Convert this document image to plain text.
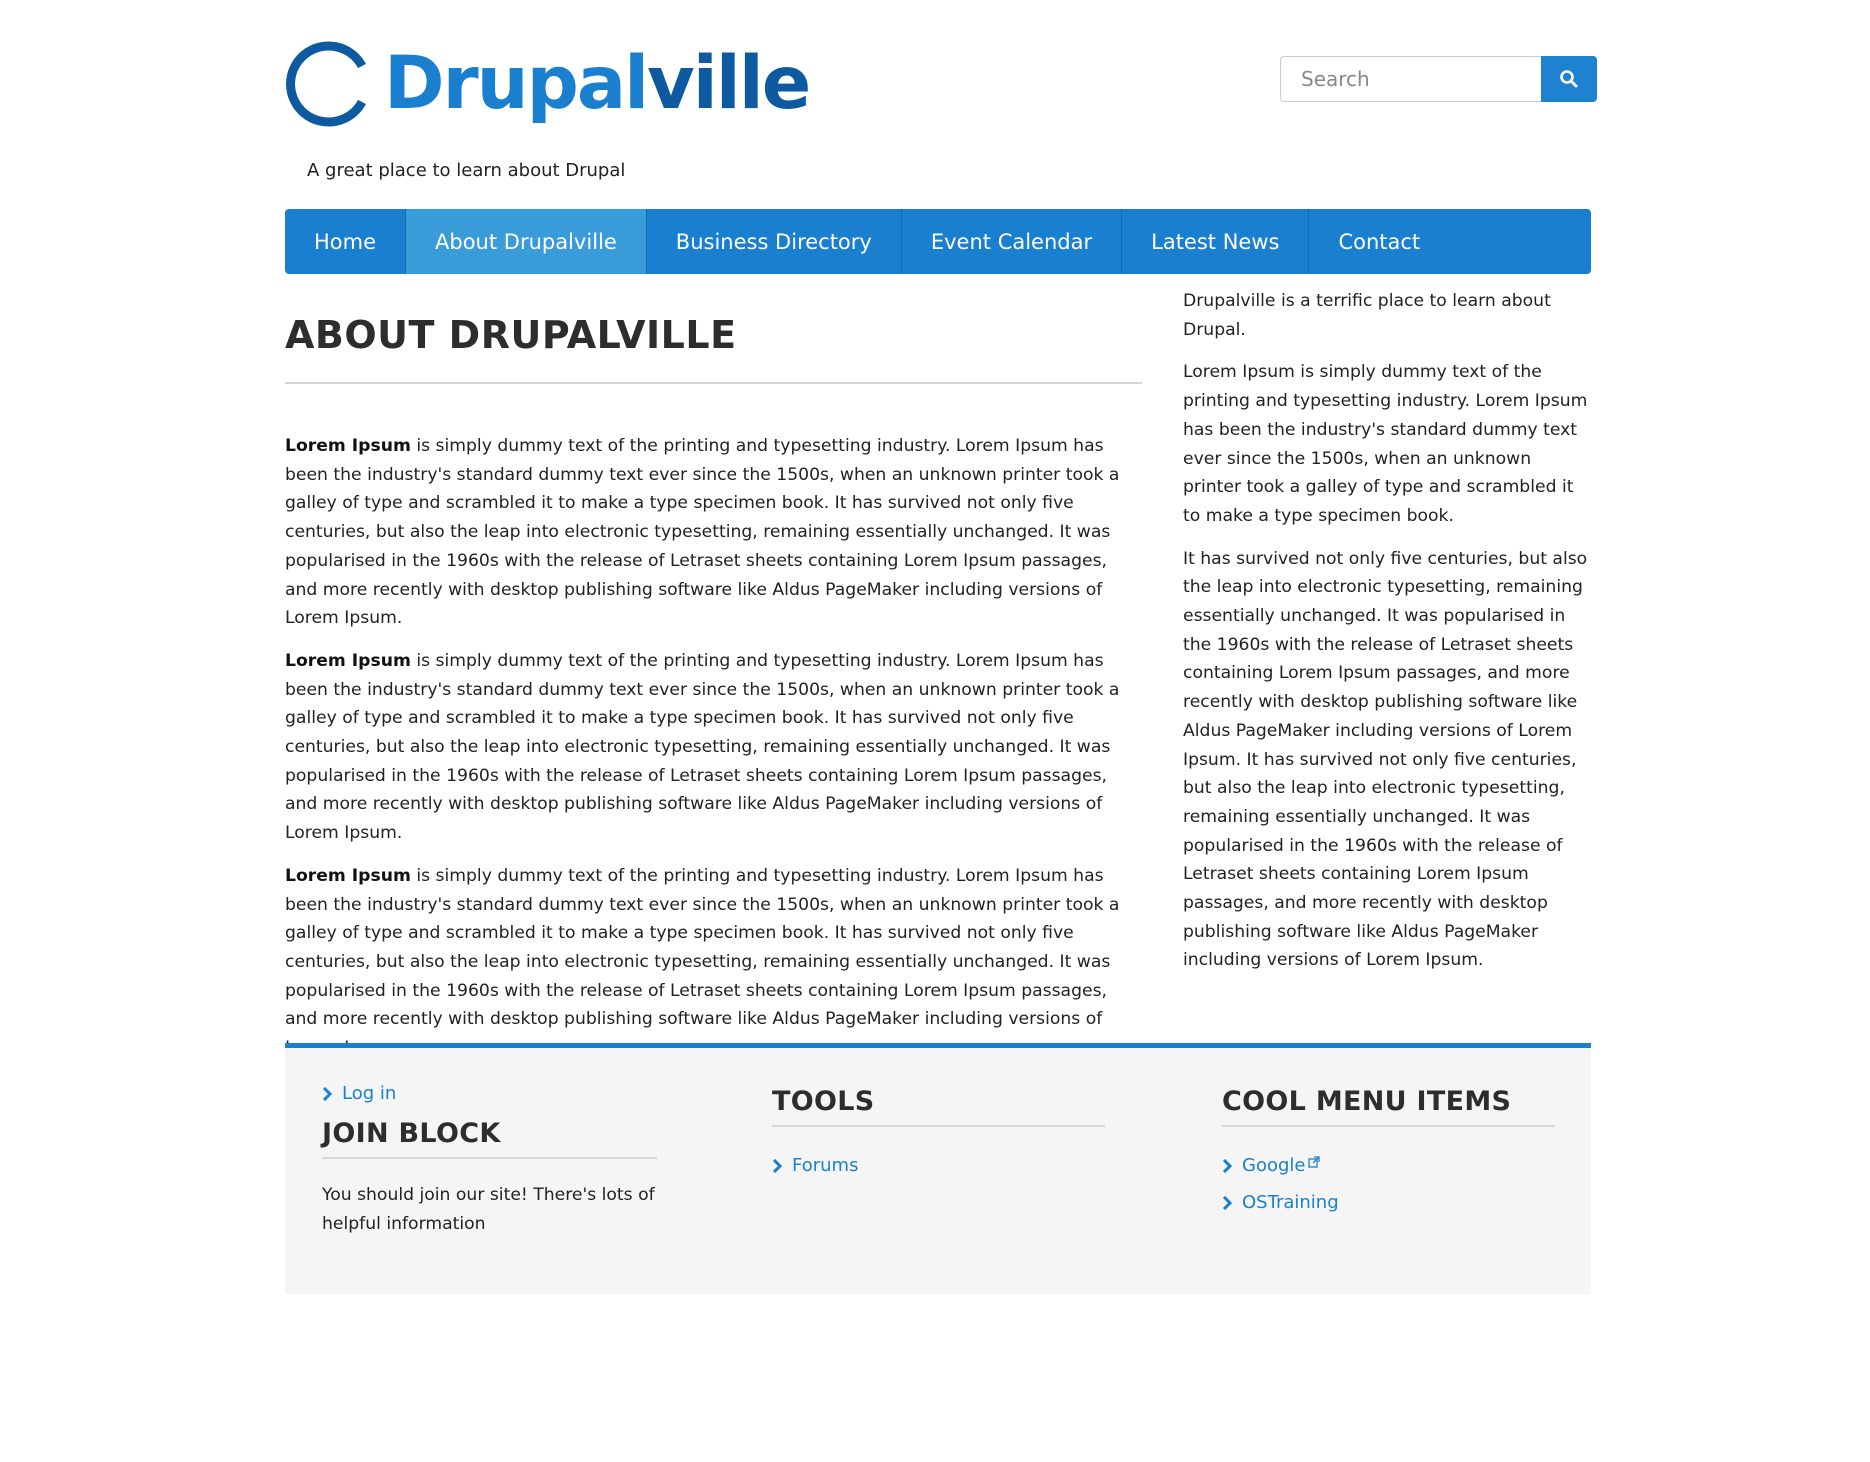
Drupalville
A great place to learn about Drupal
Search
Home	About Drupalville	Business Directory	Event Calendar	Latest News	Contact
ABOUT DRUPALVILLE

Lorem Ipsum is simply dummy text of the printing and typesetting industry. Lorem Ipsum has been the industry's standard dummy text ever since the 1500s, when an unknown printer took a galley of type and scrambled it to make a type specimen book. It has survived not only five centuries, but also the leap into electronic typesetting, remaining essentially unchanged. It was popularised in the 1960s with the release of Letraset sheets containing Lorem Ipsum passages, and more recently with desktop publishing software like Aldus PageMaker including versions of Lorem Ipsum.

Lorem Ipsum is simply dummy text of the printing and typesetting industry. Lorem Ipsum has been the industry's standard dummy text ever since the 1500s, when an unknown printer took a galley of type and scrambled it to make a type specimen book. It has survived not only five centuries, but also the leap into electronic typesetting, remaining essentially unchanged. It was popularised in the 1960s with the release of Letraset sheets containing Lorem Ipsum passages, and more recently with desktop publishing software like Aldus PageMaker including versions of Lorem Ipsum.

Lorem Ipsum is simply dummy text of the printing and typesetting industry. Lorem Ipsum has been the industry's standard dummy text ever since the 1500s, when an unknown printer took a galley of type and scrambled it to make a type specimen book. It has survived not only five centuries, but also the leap into electronic typesetting, remaining essentially unchanged. It was popularised in the 1960s with the release of Letraset sheets containing Lorem Ipsum passages, and more recently with desktop publishing software like Aldus PageMaker including versions of

Drupalville is a terrific place to learn about Drupal.

Lorem Ipsum is simply dummy text of the printing and typesetting industry. Lorem Ipsum has been the industry's standard dummy text ever since the 1500s, when an unknown printer took a galley of type and scrambled it to make a type specimen book.

It has survived not only five centuries, but also the leap into electronic typesetting, remaining essentially unchanged. It was popularised in the 1960s with the release of Letraset sheets containing Lorem Ipsum passages, and more recently with desktop publishing software like Aldus PageMaker including versions of Lorem Ipsum. It has survived not only five centuries, but also the leap into electronic typesetting, remaining essentially unchanged. It was popularised in the 1960s with the release of Letraset sheets containing Lorem Ipsum passages, and more recently with desktop publishing software like Aldus PageMaker including versions of Lorem Ipsum.

Log in
JOIN BLOCK

You should join our site! There's lots of helpful information

TOOLS
Forums
COOL MENU ITEMS
Google
OSTraining
